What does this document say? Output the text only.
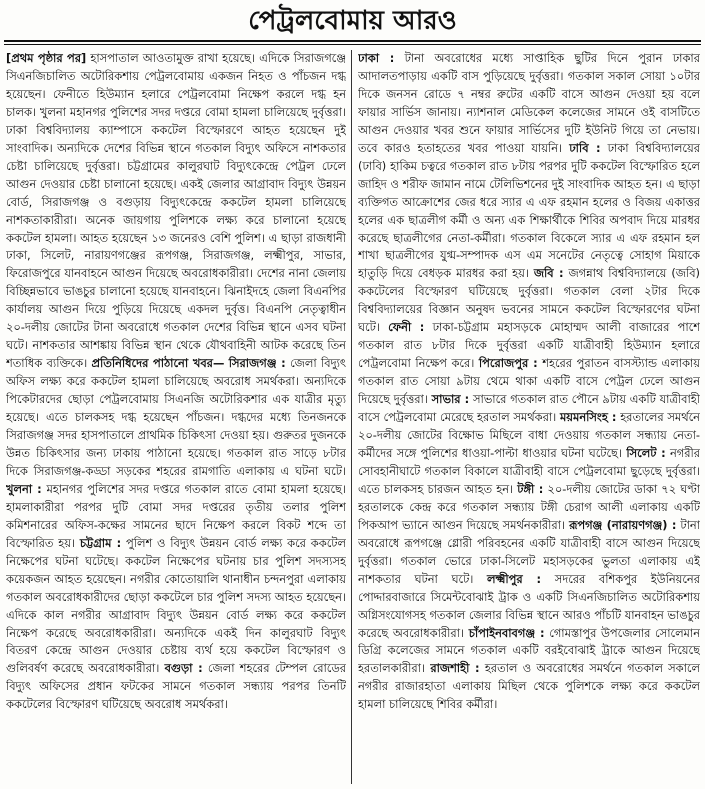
পেট্রলবোমায় আরও

[প্রথম পৃষ্ঠার পর] হাসপাতাল আওতামুক্ত রাখা হয়েছে। এদিকে সিরাজগঞ্জে সিএনজিচালিত অটোরিকশায় পেট্রলবোমায় একজন নিহত ও পাঁচজন দগ্ধ হয়েছেন। ফেনীতে হিউম্যান হলারে পেট্রলবোমা নিক্ষেপ করলে দগ্ধ হন চালক। খুলনা মহানগর পুলিশের সদর দপ্তরে বোমা হামলা চালিয়েছে দুর্বৃত্তরা। ঢাকা বিশ্ববিদ্যালয় ক্যাম্পাসে ককটেল বিস্ফোরণে আহত হয়েছেন দুই সাংবাদিক। অন্যদিকে দেশের বিভিন্ন স্থানে গতকাল বিদ্যুৎ অফিসে নাশকতার চেষ্টা চালিয়েছে দুর্বৃত্তরা। চট্টগ্রামের কালুরঘাট বিদ্যুৎকেন্দ্রে পেট্রল ঢেলে আগুন দেওয়ার চেষ্টা চালানো হয়েছে। একই জেলার আগ্রাবাদ বিদ্যুৎ উন্নয়ন বোর্ড, সিরাজগঞ্জ ও বগুড়ায় বিদ্যুৎকেন্দ্রে ককটেল হামলা চালিয়েছে নাশকতাকারীরা। অনেক জায়গায় পুলিশকে লক্ষ্য করে চালানো হয়েছে ককটেল হামলা। আহত হয়েছেন ১৩ জনেরও বেশি পুলিশ। এ ছাড়া রাজধানী ঢাকা, সিলেট, নারায়ণগঞ্জের রূপগঞ্জ, সিরাজগঞ্জ, লক্ষ্মীপুর, সাভার, ফিরোজপুরে যানবাহনে আগুন দিয়েছে অবরোধকারীরা। দেশের নানা জেলায় বিচ্ছিন্নভাবে ভাঙচুর চালানো হয়েছে যানবাহনে। ঝিনাইদহে জেলা বিএনপির কার্যালয় আগুন দিয়ে পুড়িয়ে দিয়েছে একদল দুর্বৃত্ত। বিএনপি নেতৃত্বাধীন ২০-দলীয় জোটের টানা অবরোধে গতকাল দেশের বিভিন্ন স্থানে এসব ঘটনা ঘটে। নাশকতার আশঙ্কায় বিভিন্ন স্থান থেকে যৌথবাহিনী আটক করেছে তিন শতাধিক ব্যক্তিকে। প্রতিনিধিদের পাঠানো খবর— সিরাজগঞ্জ : জেলা বিদ্যুৎ অফিস লক্ষ্য করে ককটেল হামলা চালিয়েছে অবরোধ সমর্থকরা। অন্যদিকে পিকেটারদের ছোড়া পেট্রলবোমায় সিএনজি অটোরিকশার এক যাত্রীর মৃত্যু হয়েছে। এতে চালকসহ দগ্ধ হয়েছেন পাঁচজন। দগ্ধদের মধ্যে তিনজনকে সিরাজগঞ্জ সদর হাসপাতালে প্রাথমিক চিকিৎসা দেওয়া হয়। গুরুতর দুজনকে উন্নত চিকিৎসার জন্য ঢাকায় পাঠানো হয়েছে। গতকাল রাত সাড়ে ৮টার দিকে সিরাজগঞ্জ-কড্ডা সড়কের শহরের রামগাতি এলাকায় এ ঘটনা ঘটে। খুলনা : মহানগর পুলিশের সদর দপ্তরে গতকাল রাতে বোমা হামলা হয়েছে। হামলাকারীরা পরপর দুটি বোমা সদর দপ্তরের তৃতীয় তলার পুলিশ কমিশনারের অফিস-কক্ষের সামনের ছাদে নিক্ষেপ করলে বিকট শব্দে তা বিস্ফোরিত হয়। চট্টগ্রাম : পুলিশ ও বিদ্যুৎ উন্নয়ন বোর্ড লক্ষ্য করে ককটেল নিক্ষেপের ঘটনা ঘটেছে। ককটেল নিক্ষেপের ঘটনায় চার পুলিশ সদস্যসহ কয়েকজন আহত হয়েছেন। নগরীর কোতোয়ালি থানাধীন চন্দনপুরা এলাকায় গতকাল অবরোধকারীদের ছোড়া ককটেলে চার পুলিশ সদস্য আহত হয়েছেন। এদিকে কাল নগরীর আগ্রাবাদ বিদ্যুৎ উন্নয়ন বোর্ড লক্ষ্য করে ককটেল নিক্ষেপ করেছে অবরোধকারীরা। অন্যদিকে একই দিন কালুরঘাট বিদ্যুৎ বিতরণ কেন্দ্রে আগুন দেওয়ার চেষ্টায় ব্যর্থ হয়ে ককটেল বিস্ফোরণ ও গুলিবর্ষণ করেছে অবরোধকারীরা। বগুড়া : জেলা শহরের টেম্পল রোডের বিদ্যুৎ অফিসের প্রধান ফটকের সামনে গতকাল সন্ধ্যায় পরপর তিনটি ককটেলের বিস্ফোরণ ঘটিয়েছে অবরোধ সমর্থকরা।

ঢাকা : টানা অবরোধের মধ্যে সাপ্তাহিক ছুটির দিনে পুরান ঢাকার আদালতপাড়ায় একটি বাস পুড়িয়েছে দুর্বৃত্তরা। গতকাল সকাল সোয়া ১০টার দিকে জনসন রোডে ৭ নম্বর রুটের একটি বাসে আগুন দেওয়া হয় বলে ফায়ার সার্ভিস জানায়। ন্যাশনাল মেডিকেল কলেজের সামনে ওই বাসটিতে আগুন দেওয়ার খবর শুনে ফায়ার সার্ভিসের দুটি ইউনিট গিয়ে তা নেভায়। তবে কারও হতাহতের খবর পাওয়া যায়নি। ঢাবি : ঢাকা বিশ্ববিদ্যালয়ের (ঢাবি) হাকিম চত্বরে গতকাল রাত ৮টায় পরপর দুটি ককটেল বিস্ফোরিত হলে জাহিদ ও শরীফ জামান নামে টেলিভিশনের দুই সাংবাদিক আহত হন। এ ছাড়া ব্যক্তিগত আক্রোশের জের ধরে স্যার এ এফ রহমান হলের ও বিজয় একাত্তর হলের এক ছাত্রলীগ কর্মী ও অন্য এক শিক্ষার্থীকে শিবির অপবাদ দিয়ে মারধর করেছে ছাত্রলীগের নেতা-কর্মীরা। গতকাল বিকেলে স্যার এ এফ রহমান হল শাখা ছাত্রলীগের যুগ্ম-সম্পাদক এস এম সনেটের নেতৃত্বে সোহাগ মিয়াকে হাতুড়ি দিয়ে বেধড়ক মারধর করা হয়। জবি : জগন্নাথ বিশ্ববিদ্যালয়ে (জবি) ককটেলের বিস্ফোরণ ঘটিয়েছে দুর্বৃত্তরা। গতকাল বেলা ২টার দিকে বিশ্ববিদ্যালয়ের বিজ্ঞান অনুষদ ভবনের সামনে ককটেল বিস্ফোরণের ঘটনা ঘটে। ফেনী : ঢাকা-চট্টগ্রাম মহাসড়কে মোহাম্মদ আলী বাজারের পাশে গতকাল রাত ৮টার দিকে দুর্বৃত্তরা একটি যাত্রীবাহী হিউম্যান হলারে পেট্রলবোমা নিক্ষেপ করে। পিরোজপুর : শহরের পুরাতন বাসস্ট্যান্ড এলাকায় গতকাল রাত সোয়া ৯টায় থেমে থাকা একটি বাসে পেট্রল ঢেলে আগুন দিয়েছে দুর্বৃত্তরা। সাভার : সাভারে গতকাল রাত পৌনে ৯টায় একটি যাত্রীবাহী বাসে পেট্রলবোমা মেরেছে হরতাল সমর্থকরা। ময়মনসিংহ : হরতালের সমর্থনে ২০-দলীয় জোটের বিক্ষোভ মিছিলে বাধা দেওয়ায় গতকাল সন্ধ্যায় নেতা-কর্মীদের সঙ্গে পুলিশের ধাওয়া-পাল্টা ধাওয়ার ঘটনা ঘটেছে। সিলেট : নগরীর সোবহানীঘাটে গতকাল বিকালে যাত্রীবাহী বাসে পেট্রলবোমা ছুড়েছে দুর্বৃত্তরা। এতে চালকসহ চারজন আহত হন। টঙ্গী : ২০-দলীয় জোটের ডাকা ৭২ ঘণ্টা হরতালকে কেন্দ্র করে গতকাল সন্ধ্যায় টঙ্গী চেরাগ আলী এলাকায় একটি পিকআপ ভ্যানে আগুন দিয়েছে সমর্থনকারীরা। রূপগঞ্জ (নারায়ণগঞ্জ) : টানা অবরোধে রূপগঞ্জে গ্লোরী পরিবহনের একটি যাত্রীবাহী বাসে আগুন দিয়েছে দুর্বৃত্তরা। গতকাল ভোরে ঢাকা-সিলেট মহাসড়কের ভুলতা এলাকায় এই নাশকতার ঘটনা ঘটে। লক্ষ্মীপুর : সদরের বশিকপুর ইউনিয়নের পোদ্দারবাজারে সিমেন্টবোঝাই ট্রাক ও একটি সিএনজিচালিত অটোরিকশায় অগ্নিসংযোগসহ গতকাল জেলার বিভিন্ন স্থানে আরও পাঁচটি যানবাহন ভাঙচুর করেছে অবরোধকারীরা। চাঁপাইনবাবগঞ্জ : গোমস্তাপুর উপজেলার সোলেমান ডিগ্রি কলেজের সামনে গতকাল একটি বরইবোঝাই ট্রাকে আগুন দিয়েছে হরতালকারীরা। রাজশাহী : হরতাল ও অবরোধের সমর্থনে গতকাল সকালে নগরীর রাজারহাতা এলাকায় মিছিল থেকে পুলিশকে লক্ষ্য করে ককটেল হামলা চালিয়েছে শিবির কর্মীরা।
